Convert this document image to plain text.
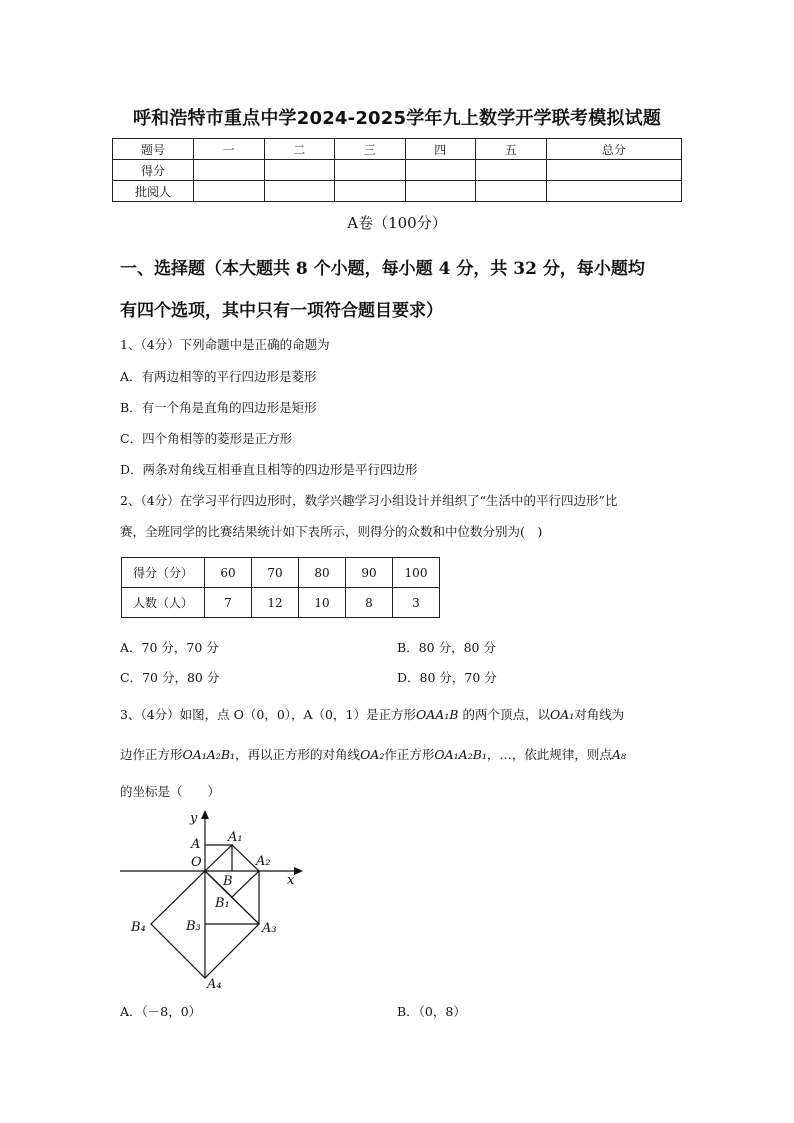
呼和浩特市重点中学2024-2025学年九上数学开学联考模拟试题
题号	一	二	三	四	五	总分
得分						
批阅人						
A卷（100分）
一、选择题（本大题共 8 个小题，每小题 4 分，共 32 分，每小题均
有四个选项，其中只有一项符合题目要求）
1、（4分）下列命题中是正确的命题为
A．有两边相等的平行四边形是菱形
B．有一个角是直角的四边形是矩形
C．四个角相等的菱形是正方形
D．两条对角线互相垂直且相等的四边形是平行四边形
2、（4分）在学习平行四边形时，数学兴趣学习小组设计并组织了“生活中的平行四边形”比
赛，全班同学的比赛结果统计如下表所示，则得分的众数和中位数分别为(　)
得分（分）	60	70	80	90	100
人数（人）	7	12	10	8	3
A．70 分，70 分	B．80 分，80 分
C．70 分，80 分	D．80 分，70 分
3、（4分）如图，点 O（0，0），A（0，1）是正方形OAA₁B 的两个顶点，以OA₁对角线为
边作正方形OA₁A₂B₁，再以正方形的对角线OA₂作正方形OA₁A₂B₁，…，依此规律，则点A₈
的坐标是（　　）
y
x
O
A A₁
A₂
B
B₁
B₃	A₃
B₄
A₄
A．（－8，0）	B．（0，8）
